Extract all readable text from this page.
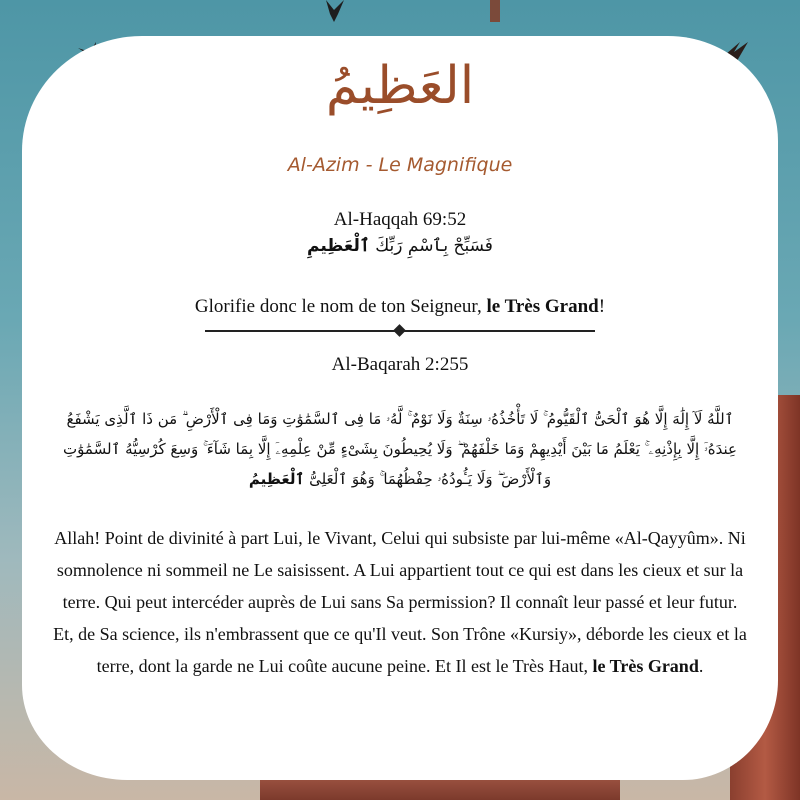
العَظِيمُ
Al-Azim - Le Magnifique
Al-Haqqah 69:52
فَسَبِّحْ بِٱسْمِ رَبِّكَ ٱلْعَظِيمِ
Glorifie donc le nom de ton Seigneur, le Très Grand!
Al-Baqarah 2:255
ٱللَّهُ لَآ إِلَٰهَ إِلَّا هُوَ ٱلْحَىُّ ٱلْقَيُّومُ ۚ لَا تَأْخُذُهُۥ سِنَةٌ وَلَا نَوْمٌ ۚ لَّهُۥ مَا فِى ٱلسَّمَٰوَٰتِ وَمَا فِى ٱلْأَرْضِ ۗ مَن ذَا ٱلَّذِى يَشْفَعُ عِندَهُۥٓ إِلَّا بِإِذْنِهِۦ ۚ يَعْلَمُ مَا بَيْنَ أَيْدِيهِمْ وَمَا خَلْفَهُمْ ۖ وَلَا يُحِيطُونَ بِشَىْءٍ مِّنْ عِلْمِهِۦٓ إِلَّا بِمَا شَآءَ ۚ وَسِعَ كُرْسِيُّهُ ٱلسَّمَٰوَٰتِ وَٱلْأَرْضَ ۖ وَلَا يَـُٔودُهُۥ حِفْظُهُمَا ۚ وَهُوَ ٱلْعَلِىُّ ٱلْعَظِيمُ
Allah! Point de divinité à part Lui, le Vivant, Celui qui subsiste par lui-même «Al-Qayyûm». Ni somnolence ni sommeil ne Le saisissent. A Lui appartient tout ce qui est dans les cieux et sur la terre. Qui peut intercéder auprès de Lui sans Sa permission? Il connaît leur passé et leur futur. Et, de Sa science, ils n'embrassent que ce qu'Il veut. Son Trône «Kursiy», déborde les cieux et la terre, dont la garde ne Lui coûte aucune peine. Et Il est le Très Haut, le Très Grand.
